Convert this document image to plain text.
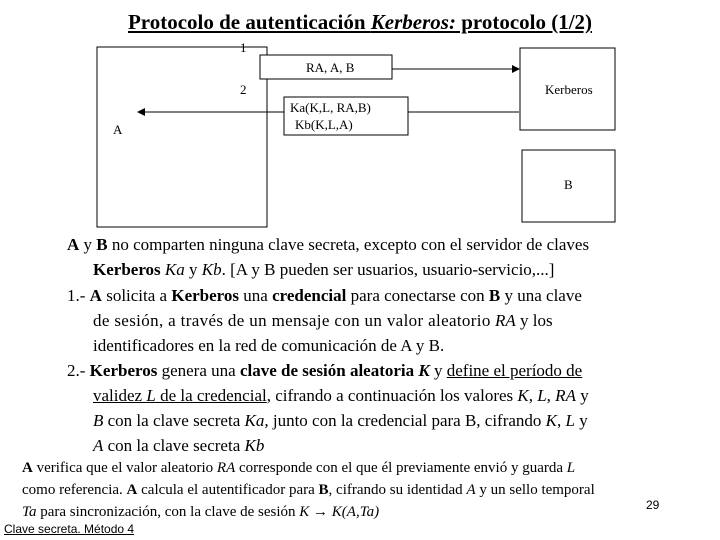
Protocolo de autenticación Kerberos: protocolo (1/2)
1
RA, A, B
2	Kerberos
Ka(K,L, RA,B)
Kb(K,L,A)
A
B
A y B no comparten ninguna clave secreta, excepto con el servidor de claves
Kerberos Ka y Kb. [A y B pueden ser usuarios, usuario-servicio,...]
1.- A solicita a Kerberos una credencial para conectarse con B y una clave
de sesión, a través de un mensaje con un valor aleatorio RA y los
identificadores en la red de comunicación de A y B.
2.- Kerberos genera una clave de sesión aleatoria K y define el período de
validez L de la credencial, cifrando a continuación los valores K, L, RA y
B con la clave secreta Ka, junto con la credencial para B, cifrando K, L y
A con la clave secreta Kb
A verifica que el valor aleatorio RA corresponde con el que él previamente envió y guarda L
como referencia. A calcula el autentificador para B, cifrando su identidad A y un sello temporal
Ta para sincronización, con la clave de sesión K → K(A,Ta)	29
Clave secreta. Método 4
